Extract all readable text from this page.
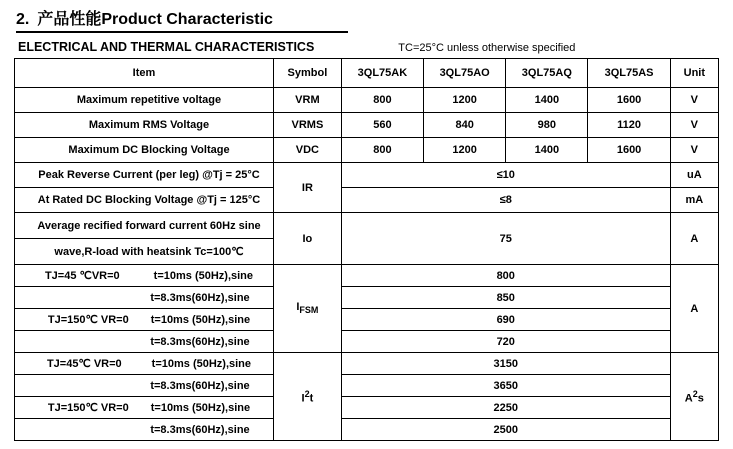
2. 产品性能Product Characteristic
ELECTRICAL AND THERMAL CHARACTERISTICS	TC=25°C unless otherwise specified
Item	Symbol	3QL75AK	3QL75AO	3QL75AQ	3QL75AS	Unit
Maximum repetitive voltage	VRM	800	1200	1400	1600	V
Maximum RMS Voltage	VRMS	560	840	980	1120	V
Maximum DC Blocking Voltage	VDC	800	1200	1400	1600	V
Peak Reverse Current (per leg) @Tj = 25°C	IR	≤10				uA
At Rated DC Blocking Voltage @Tj = 125°C		≤8				mA
Average recified forward current 60Hz sine	Io	75				A
wave,R-load with heatsink Tc=100℃						
TJ=45 ℃VR=0 t=10ms (50Hz),sine	$I_{FSM}$	800				A
t=8.3ms(60Hz),sine		850				
TJ=150℃ VR=0 t=10ms (50Hz),sine		690				
t=8.3ms(60Hz),sine		720				
TJ=45℃ VR=0 t=10ms (50Hz),sine	$I^2t$	3150				$A^2s$
t=8.3ms(60Hz),sine		3650				
TJ=150℃ VR=0 t=10ms (50Hz),sine		2250				
t=8.3ms(60Hz),sine		2500				
